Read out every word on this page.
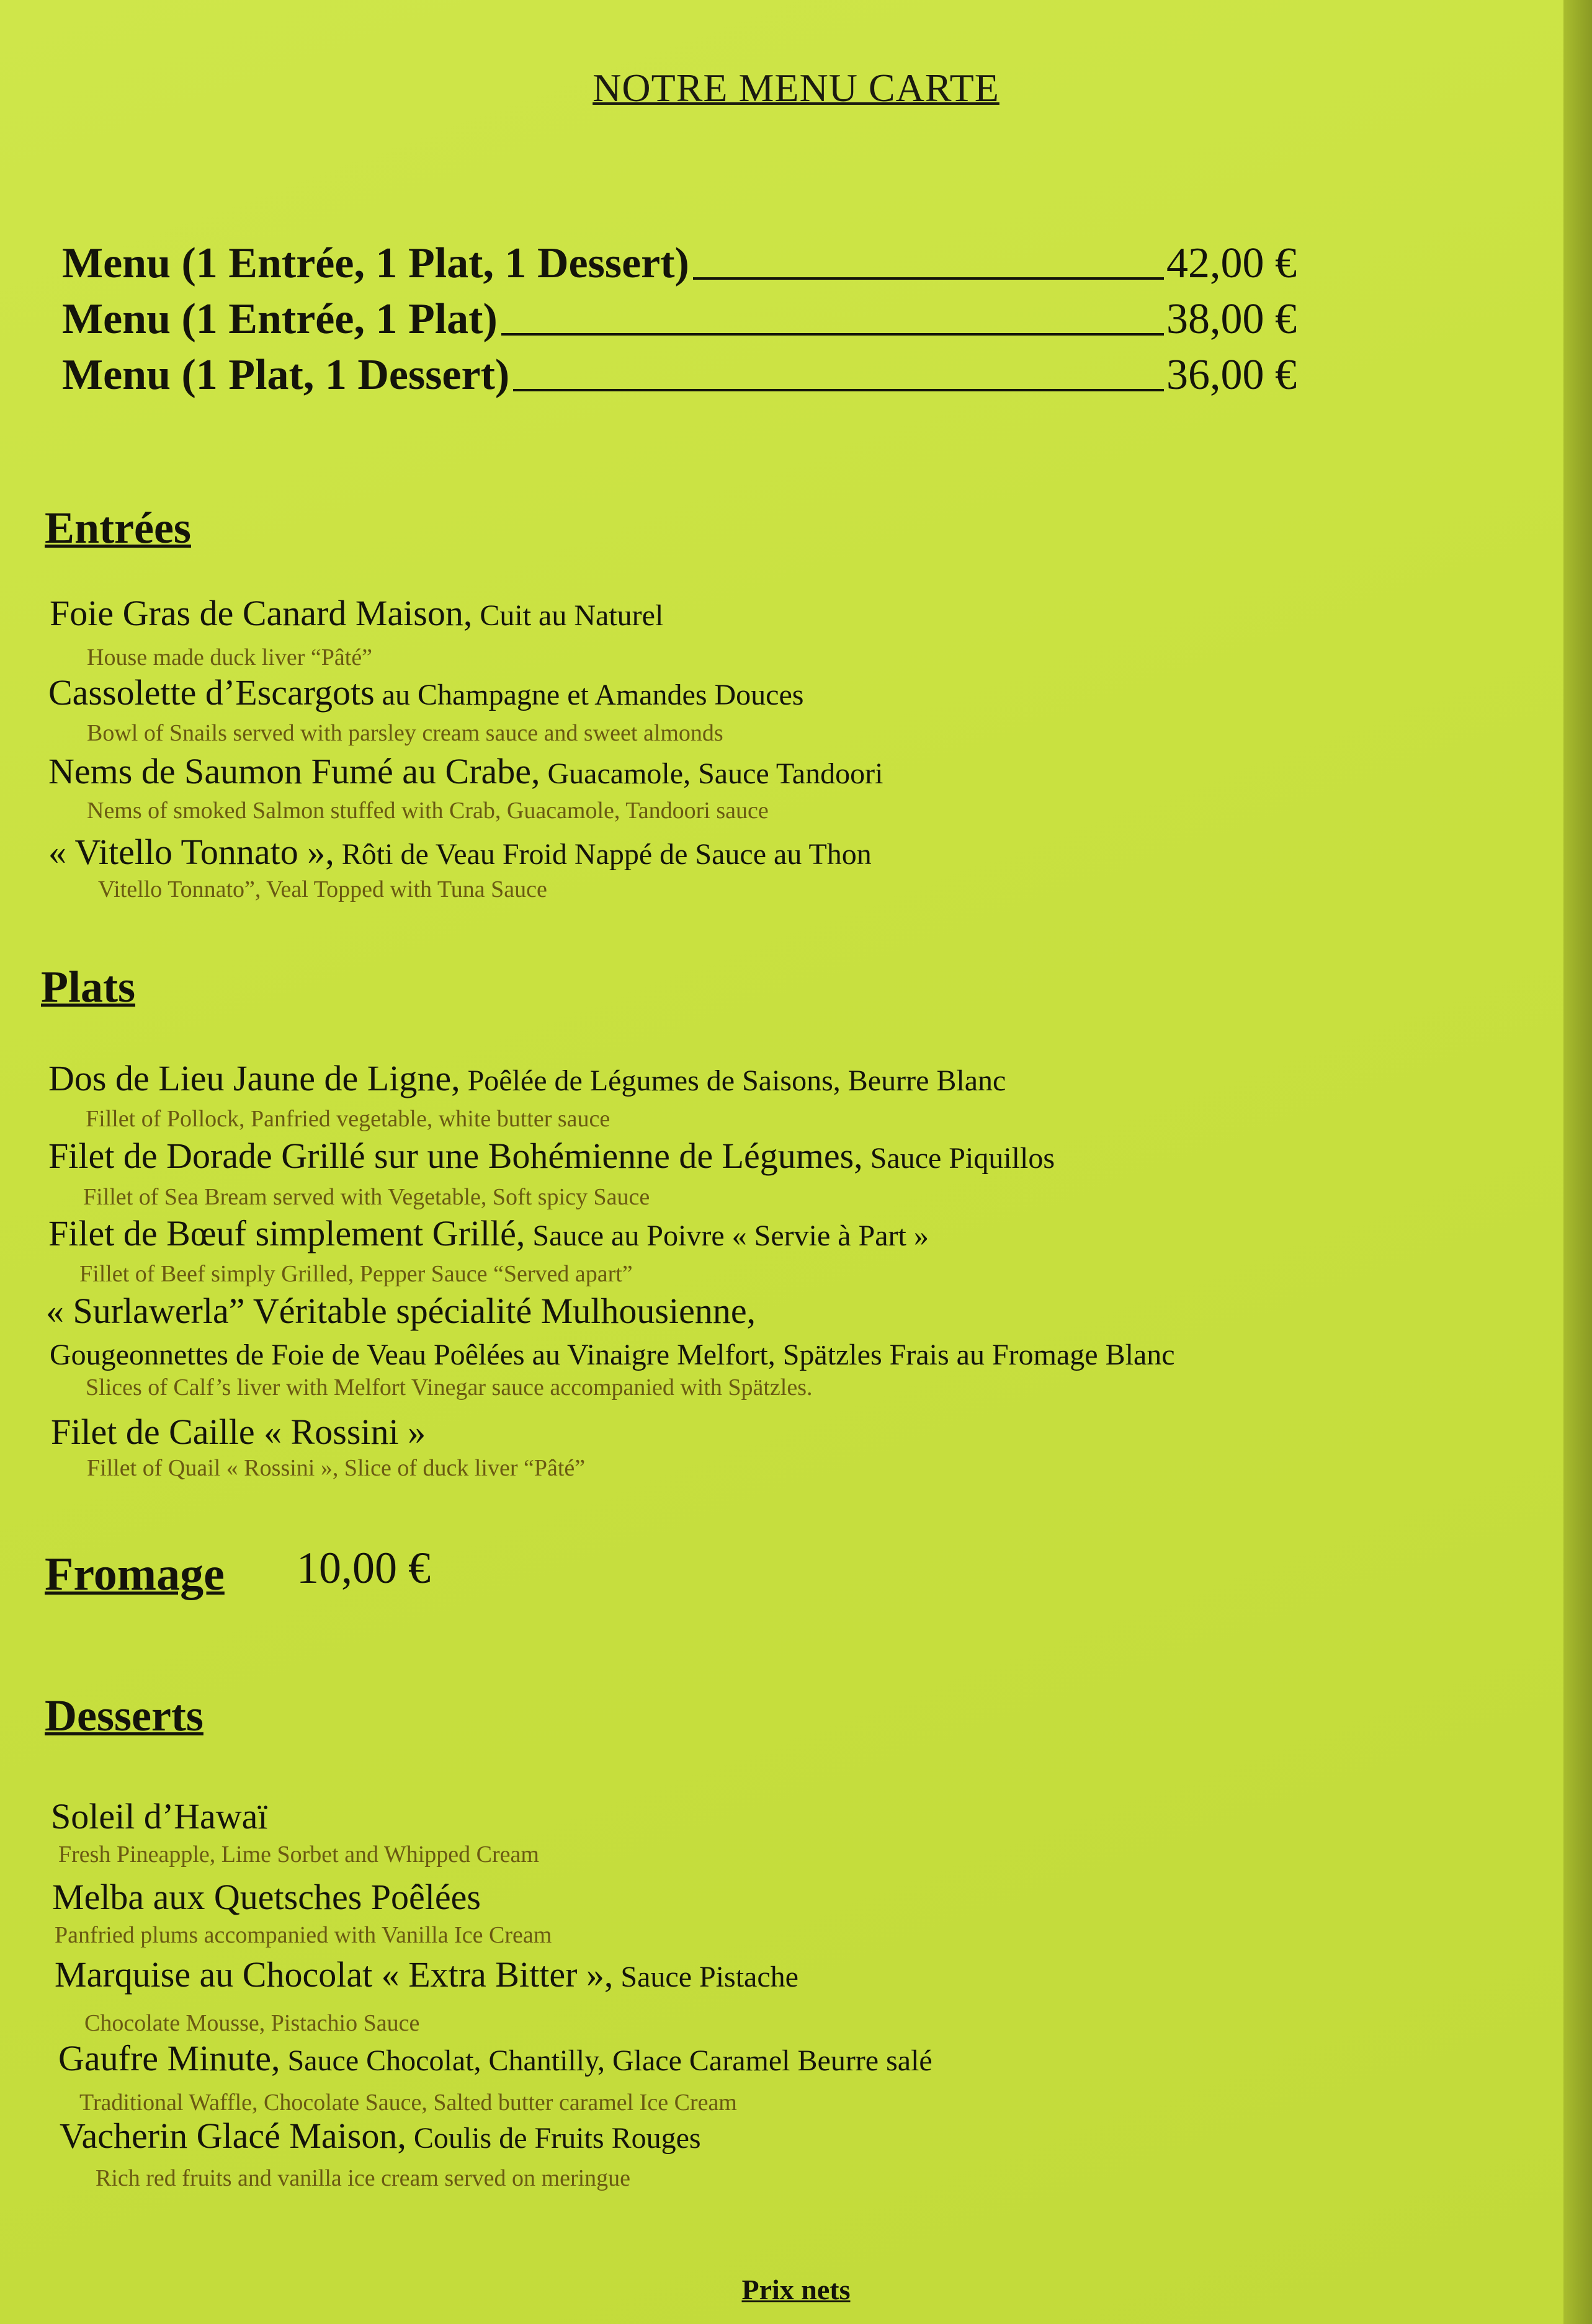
NOTRE MENU CARTE
Menu (1 Entrée, 1 Plat, 1 Dessert)	42,00 €
Menu (1 Entrée, 1 Plat)	38,00 €
Menu (1 Plat, 1 Dessert)	36,00 €
Entrées
Foie Gras de Canard Maison, Cuit au Naturel
House made duck liver “Pâté”
Cassolette d’Escargots au Champagne et Amandes Douces
Bowl of Snails served with parsley cream sauce and sweet almonds
Nems de Saumon Fumé au Crabe, Guacamole, Sauce Tandoori
Nems of smoked Salmon stuffed with Crab, Guacamole, Tandoori sauce
« Vitello Tonnato », Rôti de Veau Froid Nappé de Sauce au Thon
Vitello Tonnato”, Veal Topped with Tuna Sauce
Plats
Dos de Lieu Jaune de Ligne, Poêlée de Légumes de Saisons, Beurre Blanc
Fillet of Pollock, Panfried vegetable, white butter sauce
Filet de Dorade Grillé sur une Bohémienne de Légumes, Sauce Piquillos
Fillet of Sea Bream served with Vegetable, Soft spicy Sauce
Filet de Bœuf simplement Grillé, Sauce au Poivre « Servie à Part »
Fillet of Beef simply Grilled, Pepper Sauce “Served apart”
« Surlawerla” Véritable spécialité Mulhousienne,
Gougeonnettes de Foie de Veau Poêlées au Vinaigre Melfort, Spätzles Frais au Fromage Blanc
Slices of Calf’s liver with Melfort Vinegar sauce accompanied with Spätzles.
Filet de Caille « Rossini »
Fillet of Quail « Rossini », Slice of duck liver “Pâté”
Fromage 10,00 €
Desserts
Soleil d’Hawaï
Fresh Pineapple, Lime Sorbet and Whipped Cream
Melba aux Quetsches Poêlées
Panfried plums accompanied with Vanilla Ice Cream
Marquise au Chocolat « Extra Bitter », Sauce Pistache
Chocolate Mousse, Pistachio Sauce
Gaufre Minute, Sauce Chocolat, Chantilly, Glace Caramel Beurre salé
Traditional Waffle, Chocolate Sauce, Salted butter caramel Ice Cream
Vacherin Glacé Maison, Coulis de Fruits Rouges
Rich red fruits and vanilla ice cream served on meringue
Prix nets
